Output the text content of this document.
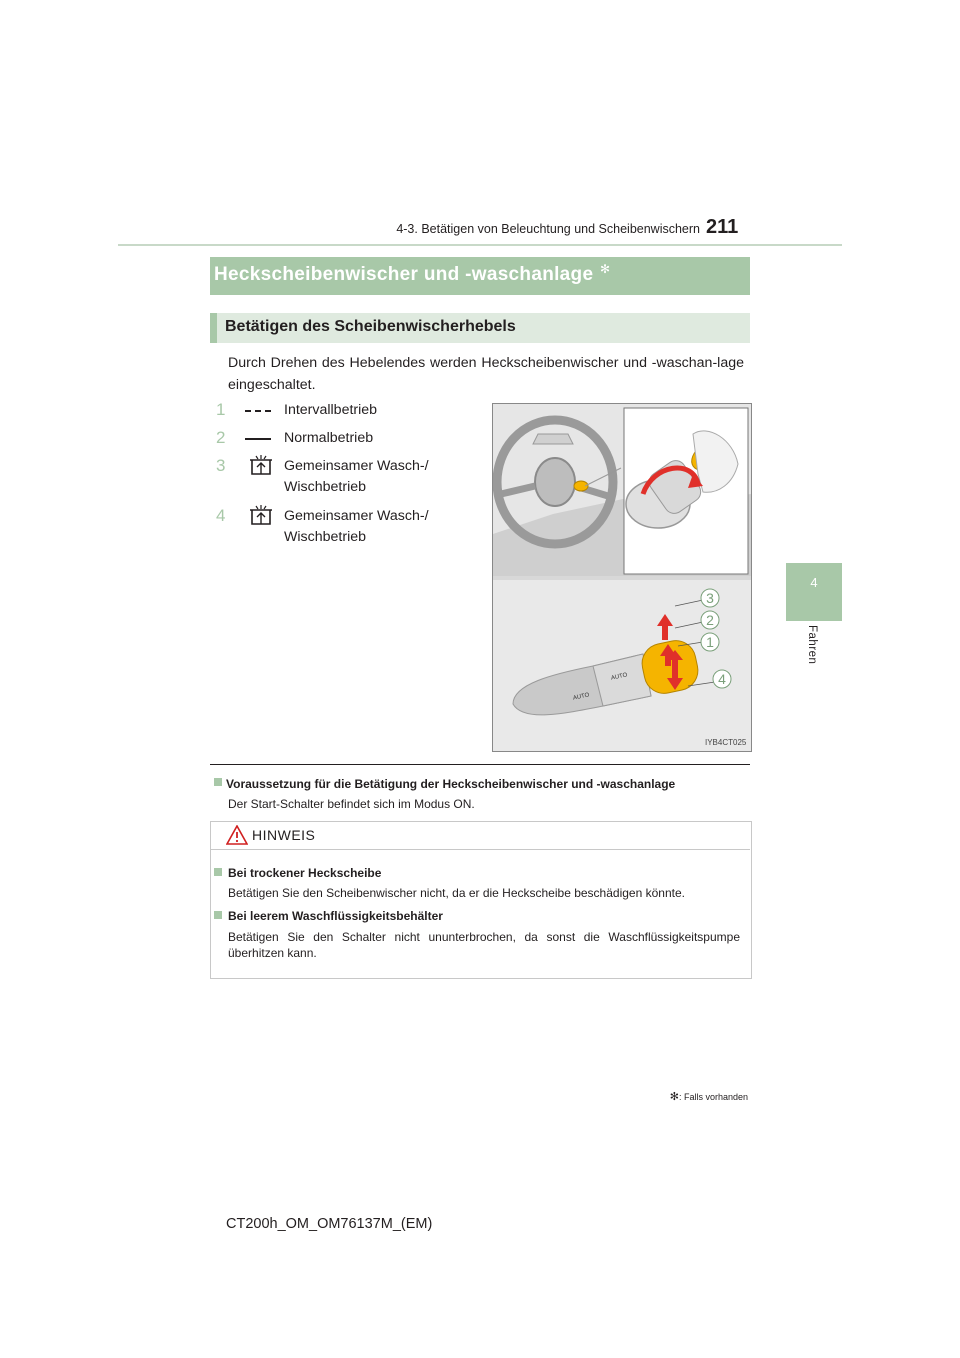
4-3. Betätigen von Beleuchtung und Scheibenwischern 211
4
Fahren
Heckscheibenwischer und -waschanlage ✻
Betätigen des Scheibenwischerhebels
Durch Drehen des Hebelendes werden Heckscheibenwischer und -waschan-lage eingeschaltet.
1	Intervallbetrieb
2	Normalbetrieb
3	Gemeinsamer Wasch-/
Wischbetrieb
4	Gemeinsamer Wasch-/
Wischbetrieb
3
2
1
4
AUTO
AUTO
IYB4CT025
Voraussetzung für die Betätigung der Heckscheibenwischer und -waschanlage
Der Start-Schalter befindet sich im Modus ON.
HINWEIS
Bei trockener Heckscheibe
Betätigen Sie den Scheibenwischer nicht, da er die Heckscheibe beschädigen könnte.
Bei leerem Waschflüssigkeitsbehälter
Betätigen Sie den Schalter nicht ununterbrochen, da sonst die Waschflüssigkeitspumpe
überhitzen kann.
✻: Falls vorhanden
CT200h_OM_OM76137M_(EM)
